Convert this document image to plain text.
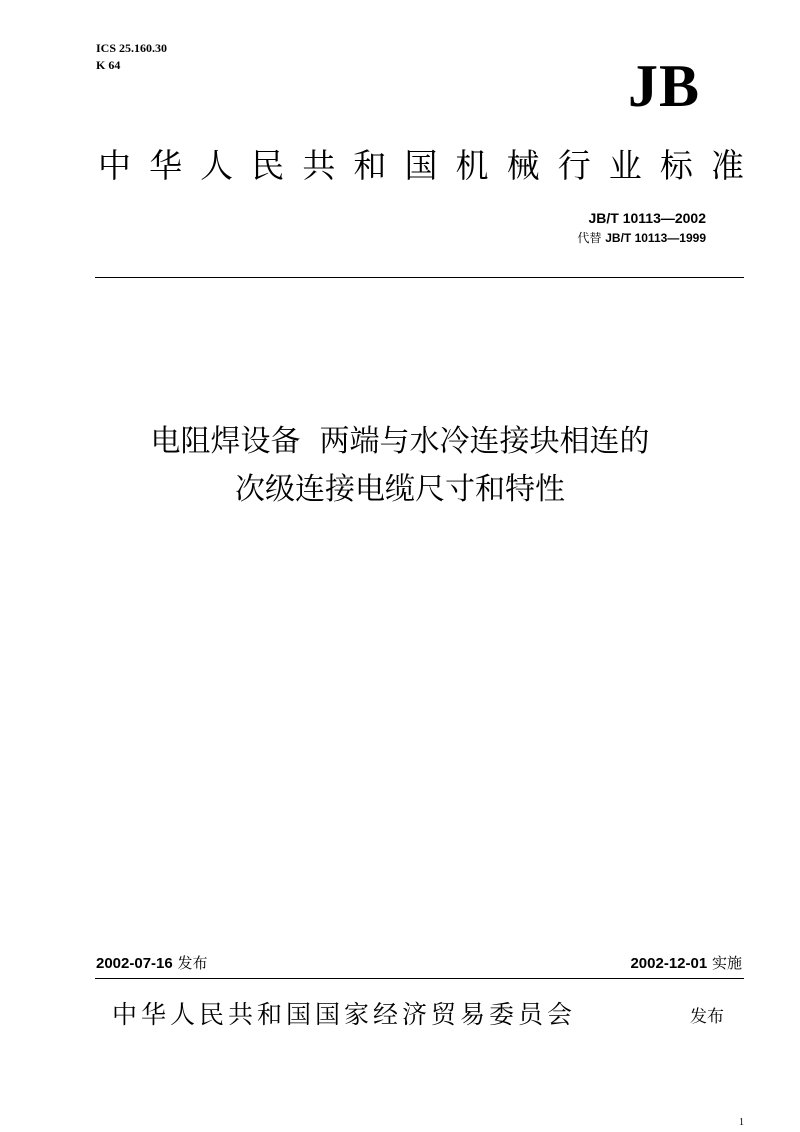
ICS 25.160.30
K 64	JB
中 华 人 民 共 和 国 机 械 行 业 标 准
JB/T 10113—2002
代替 JB/T 10113—1999
电阻焊设备  两端与水冷连接块相连的
次级连接电缆尺寸和特性
2002-07-16 发布	2002-12-01 实施
中华人民共和国国家经济贸易委员会	发布
1
